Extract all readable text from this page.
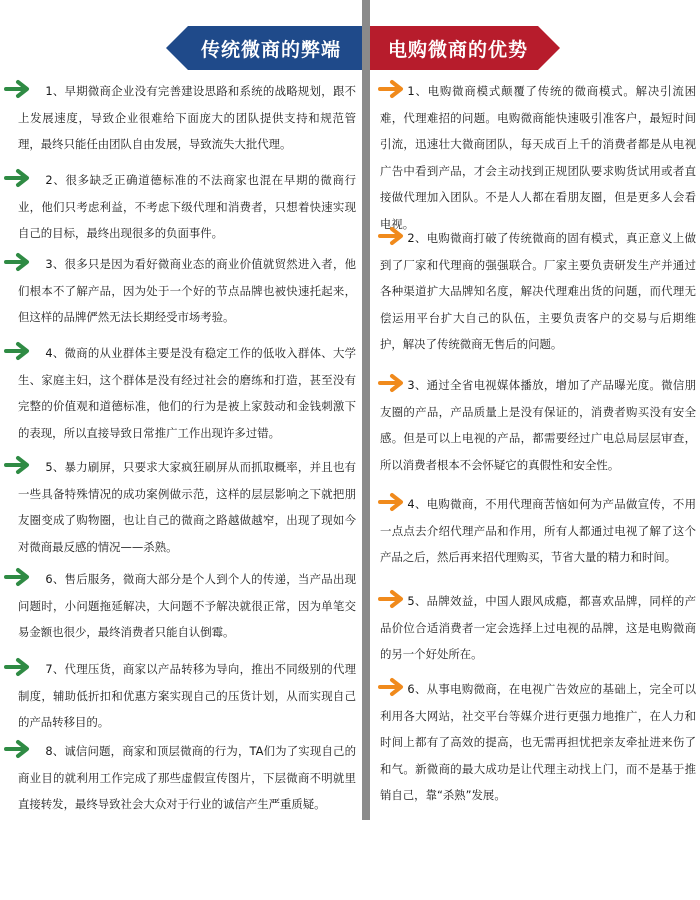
传统微商的弊端	电购微商的优势

1、早期微商企业没有完善建设思路和系统的战略规划，跟不上发展速度，导致企业很难给下面庞大的团队提供支持和规范管理，最终只能任由团队自由发展，导致流失大批代理。

2、很多缺乏正确道德标准的不法商家也混在早期的微商行业，他们只考虑利益，不考虑下级代理和消费者，只想着快速实现自己的目标，最终出现很多的负面事件。

3、很多只是因为看好微商业态的商业价值就贸然进入者，他们根本不了解产品，因为处于一个好的节点品牌也被快速托起来，但这样的品牌俨然无法长期经受市场考验。

4、微商的从业群体主要是没有稳定工作的低收入群体、大学生、家庭主妇，这个群体是没有经过社会的磨练和打造，甚至没有完整的价值观和道德标准，他们的行为是被上家鼓动和金钱刺激下的表现，所以直接导致日常推广工作出现许多过错。

5、暴力刷屏，只要求大家疯狂刷屏从而抓取概率，并且也有一些具备特殊情况的成功案例做示范，这样的层层影响之下就把朋友圈变成了购物圈，也让自己的微商之路越做越窄，出现了现如今对微商最反感的情况——杀熟。

6、售后服务，微商大部分是个人到个人的传递，当产品出现问题时，小问题拖延解决，大问题不予解决就很正常，因为单笔交易金额也很少，最终消费者只能自认倒霉。

7、代理压货，商家以产品转移为导向，推出不同级别的代理制度，辅助低折扣和优惠方案实现自己的压货计划，从而实现自己的产品转移目的。

8、诚信问题，商家和顶层微商的行为，TA们为了实现自己的商业目的就利用工作完成了那些虚假宣传图片，下层微商不明就里直接转发，最终导致社会大众对于行业的诚信产生严重质疑。

1、电购微商模式颠覆了传统的微商模式。解决引流困难，代理难招的问题。电购微商能快速吸引准客户，最短时间引流，迅速壮大微商团队，每天成百上千的消费者都是从电视广告中看到产品，才会主动找到正规团队要求购货试用或者直接做代理加入团队。不是人人都在看朋友圈，但是更多人会看电视。

2、电购微商打破了传统微商的固有模式，真正意义上做到了厂家和代理商的强强联合。厂家主要负责研发生产并通过各种渠道扩大品牌知名度，解决代理难出货的问题，而代理无偿运用平台扩大自己的队伍，主要负责客户的交易与后期维护，解决了传统微商无售后的问题。

3、通过全省电视媒体播放，增加了产品曝光度。微信朋友圈的产品，产品质量上是没有保证的，消费者购买没有安全感。但是可以上电视的产品，都需要经过广电总局层层审查，所以消费者根本不会怀疑它的真假性和安全性。

4、电购微商，不用代理商苦恼如何为产品做宣传，不用一点点去介绍代理产品和作用，所有人都通过电视了解了这个产品之后，然后再来招代理购买，节省大量的精力和时间。

5、品牌效益，中国人跟风成瘾，都喜欢品牌，同样的产品价位合适消费者一定会选择上过电视的品牌，这是电购微商的另一个好处所在。

6、从事电购微商，在电视广告效应的基础上，完全可以利用各大网站，社交平台等媒介进行更强力地推广，在人力和时间上都有了高效的提高，也无需再担忧把亲友牵扯进来伤了和气。新微商的最大成功是让代理主动找上门，而不是基于推销自己，靠“杀熟”发展。
